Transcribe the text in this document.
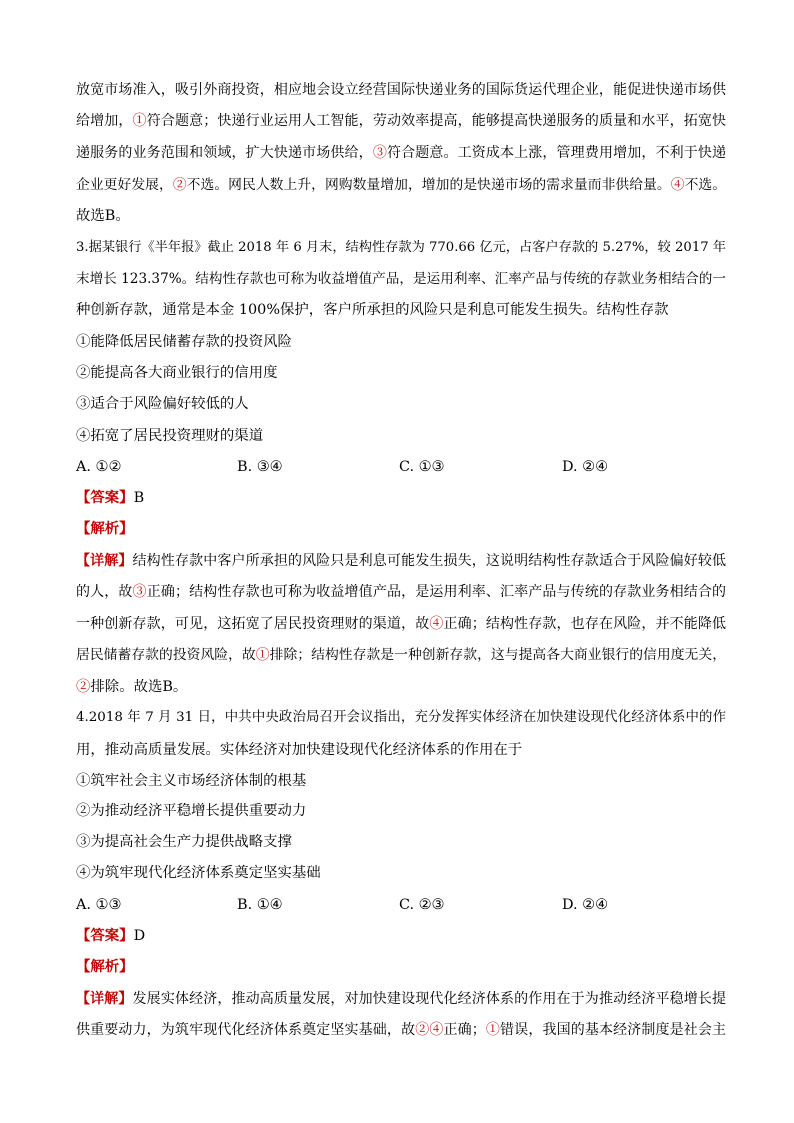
放宽市场准入，吸引外商投资，相应地会设立经营国际快递业务的国际货运代理企业，能促进快递市场供
给增加，①符合题意；快递行业运用人工智能，劳动效率提高，能够提高快递服务的质量和水平，拓宽快
递服务的业务范围和领域，扩大快递市场供给，③符合题意。工资成本上涨，管理费用增加，不利于快递
企业更好发展，②不选。网民人数上升，网购数量增加，增加的是快递市场的需求量而非供给量。④不选。
故选B。
3.据某银行《半年报》截止 2018 年 6 月末，结构性存款为 770.66 亿元，占客户存款的 5.27%，较 2017 年
末增长 123.37%。结构性存款也可称为收益增值产品，是运用利率、汇率产品与传统的存款业务相结合的一
种创新存款，通常是本金 100%保护，客户所承担的风险只是利息可能发生损失。结构性存款
①能降低居民储蓄存款的投资风险
②能提高各大商业银行的信用度
③适合于风险偏好较低的人
④拓宽了居民投资理财的渠道
A. ①②	B. ③④	C. ①③	D. ②④
【答案】B
【解析】
【详解】结构性存款中客户所承担的风险只是利息可能发生损失，这说明结构性存款适合于风险偏好较低
的人，故③正确；结构性存款也可称为收益增值产品，是运用利率、汇率产品与传统的存款业务相结合的
一种创新存款，可见，这拓宽了居民投资理财的渠道，故④正确；结构性存款，也存在风险，并不能降低
居民储蓄存款的投资风险，故①排除；结构性存款是一种创新存款，这与提高各大商业银行的信用度无关，
②排除。故选B。
4.2018 年 7 月 31 日，中共中央政治局召开会议指出，充分发挥实体经济在加快建设现代化经济体系中的作
用，推动高质量发展。实体经济对加快建设现代化经济体系的作用在于
①筑牢社会主义市场经济体制的根基
②为推动经济平稳增长提供重要动力
③为提高社会生产力提供战略支撑
④为筑牢现代化经济体系奠定坚实基础
A. ①③	B. ①④	C. ②③	D. ②④
【答案】D
【解析】
【详解】发展实体经济，推动高质量发展，对加快建设现代化经济体系的作用在于为推动经济平稳增长提
供重要动力，为筑牢现代化经济体系奠定坚实基础，故②④正确；①错误，我国的基本经济制度是社会主
